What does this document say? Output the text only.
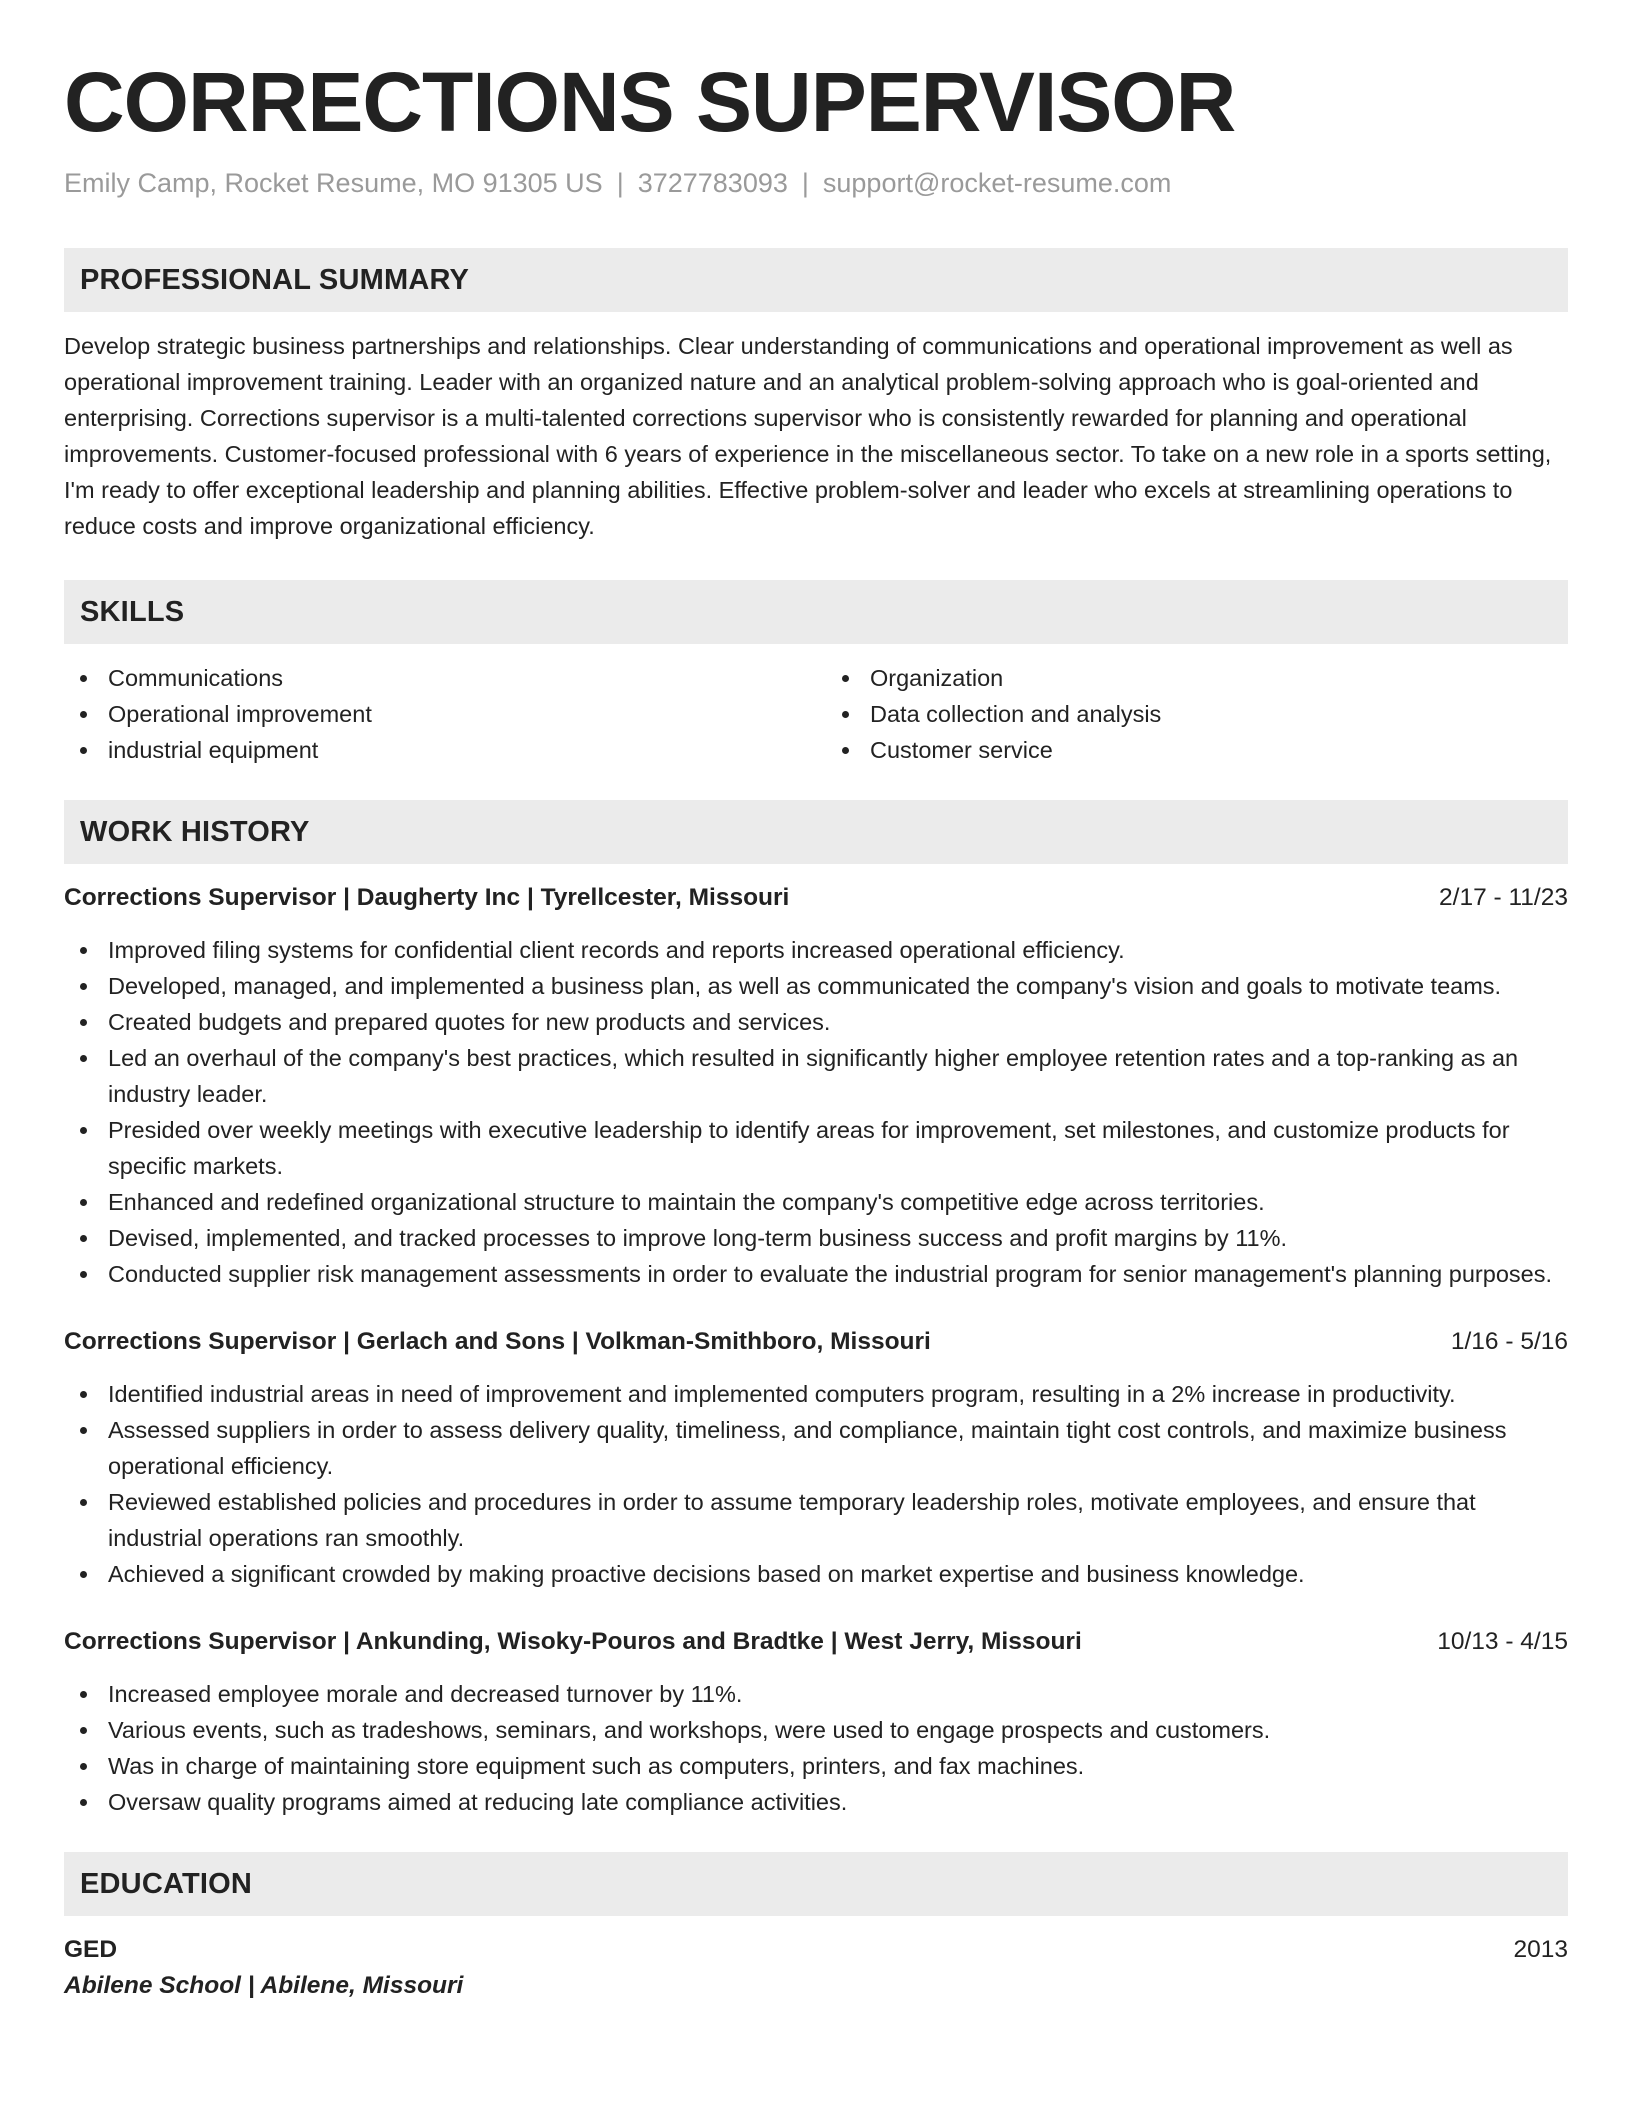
CORRECTIONS SUPERVISOR
Emily Camp, Rocket Resume, MO 91305 US | 3727783093 | support@rocket-resume.com
PROFESSIONAL SUMMARY
Develop strategic business partnerships and relationships. Clear understanding of communications and operational improvement as well as operational improvement training. Leader with an organized nature and an analytical problem-solving approach who is goal-oriented and enterprising. Corrections supervisor is a multi-talented corrections supervisor who is consistently rewarded for planning and operational improvements. Customer-focused professional with 6 years of experience in the miscellaneous sector. To take on a new role in a sports setting, I'm ready to offer exceptional leadership and planning abilities. Effective problem-solver and leader who excels at streamlining operations to reduce costs and improve organizational efficiency.
SKILLS
Communications
Operational improvement
industrial equipment
Organization
Data collection and analysis
Customer service
WORK HISTORY
Corrections Supervisor | Daugherty Inc | Tyrellcester, Missouri	2/17 - 11/23
Improved filing systems for confidential client records and reports increased operational efficiency.
Developed, managed, and implemented a business plan, as well as communicated the company's vision and goals to motivate teams.
Created budgets and prepared quotes for new products and services.
Led an overhaul of the company's best practices, which resulted in significantly higher employee retention rates and a top-ranking as an industry leader.
Presided over weekly meetings with executive leadership to identify areas for improvement, set milestones, and customize products for specific markets.
Enhanced and redefined organizational structure to maintain the company's competitive edge across territories.
Devised, implemented, and tracked processes to improve long-term business success and profit margins by 11%.
Conducted supplier risk management assessments in order to evaluate the industrial program for senior management's planning purposes.
Corrections Supervisor | Gerlach and Sons | Volkman-Smithboro, Missouri	1/16 - 5/16
Identified industrial areas in need of improvement and implemented computers program, resulting in a 2% increase in productivity.
Assessed suppliers in order to assess delivery quality, timeliness, and compliance, maintain tight cost controls, and maximize business operational efficiency.
Reviewed established policies and procedures in order to assume temporary leadership roles, motivate employees, and ensure that industrial operations ran smoothly.
Achieved a significant crowded by making proactive decisions based on market expertise and business knowledge.
Corrections Supervisor | Ankunding, Wisoky-Pouros and Bradtke | West Jerry, Missouri	10/13 - 4/15
Increased employee morale and decreased turnover by 11%.
Various events, such as tradeshows, seminars, and workshops, were used to engage prospects and customers.
Was in charge of maintaining store equipment such as computers, printers, and fax machines.
Oversaw quality programs aimed at reducing late compliance activities.
EDUCATION
GED	2013
Abilene School | Abilene, Missouri
